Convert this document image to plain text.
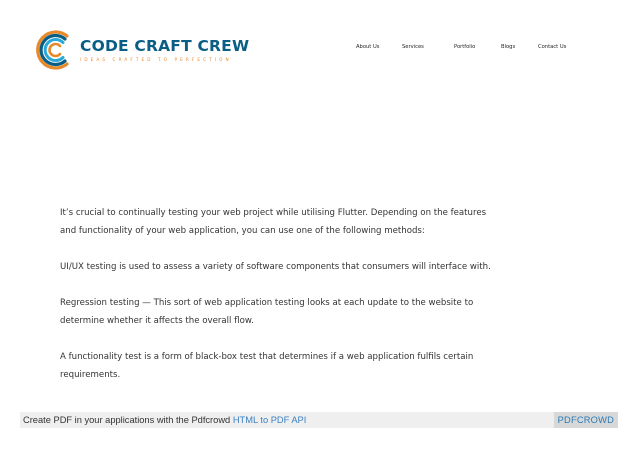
CODE CRAFT CREW
IDEAS CRAFTED TO PERFECTION
About Us	Services	Portfolio	Blogs	Contact Us

It’s crucial to continually testing your web project while utilising Flutter. Depending on the features and functionality of your web application, you can use one of the following methods:

UI/UX testing is used to assess a variety of software components that consumers will interface with.

Regression testing — This sort of web application testing looks at each update to the website to determine whether it affects the overall flow.

A functionality test is a form of black-box test that determines if a web application fulfils certain requirements.

Create PDF in your applications with the Pdfcrowd HTML to PDF API	PDFCROWD
